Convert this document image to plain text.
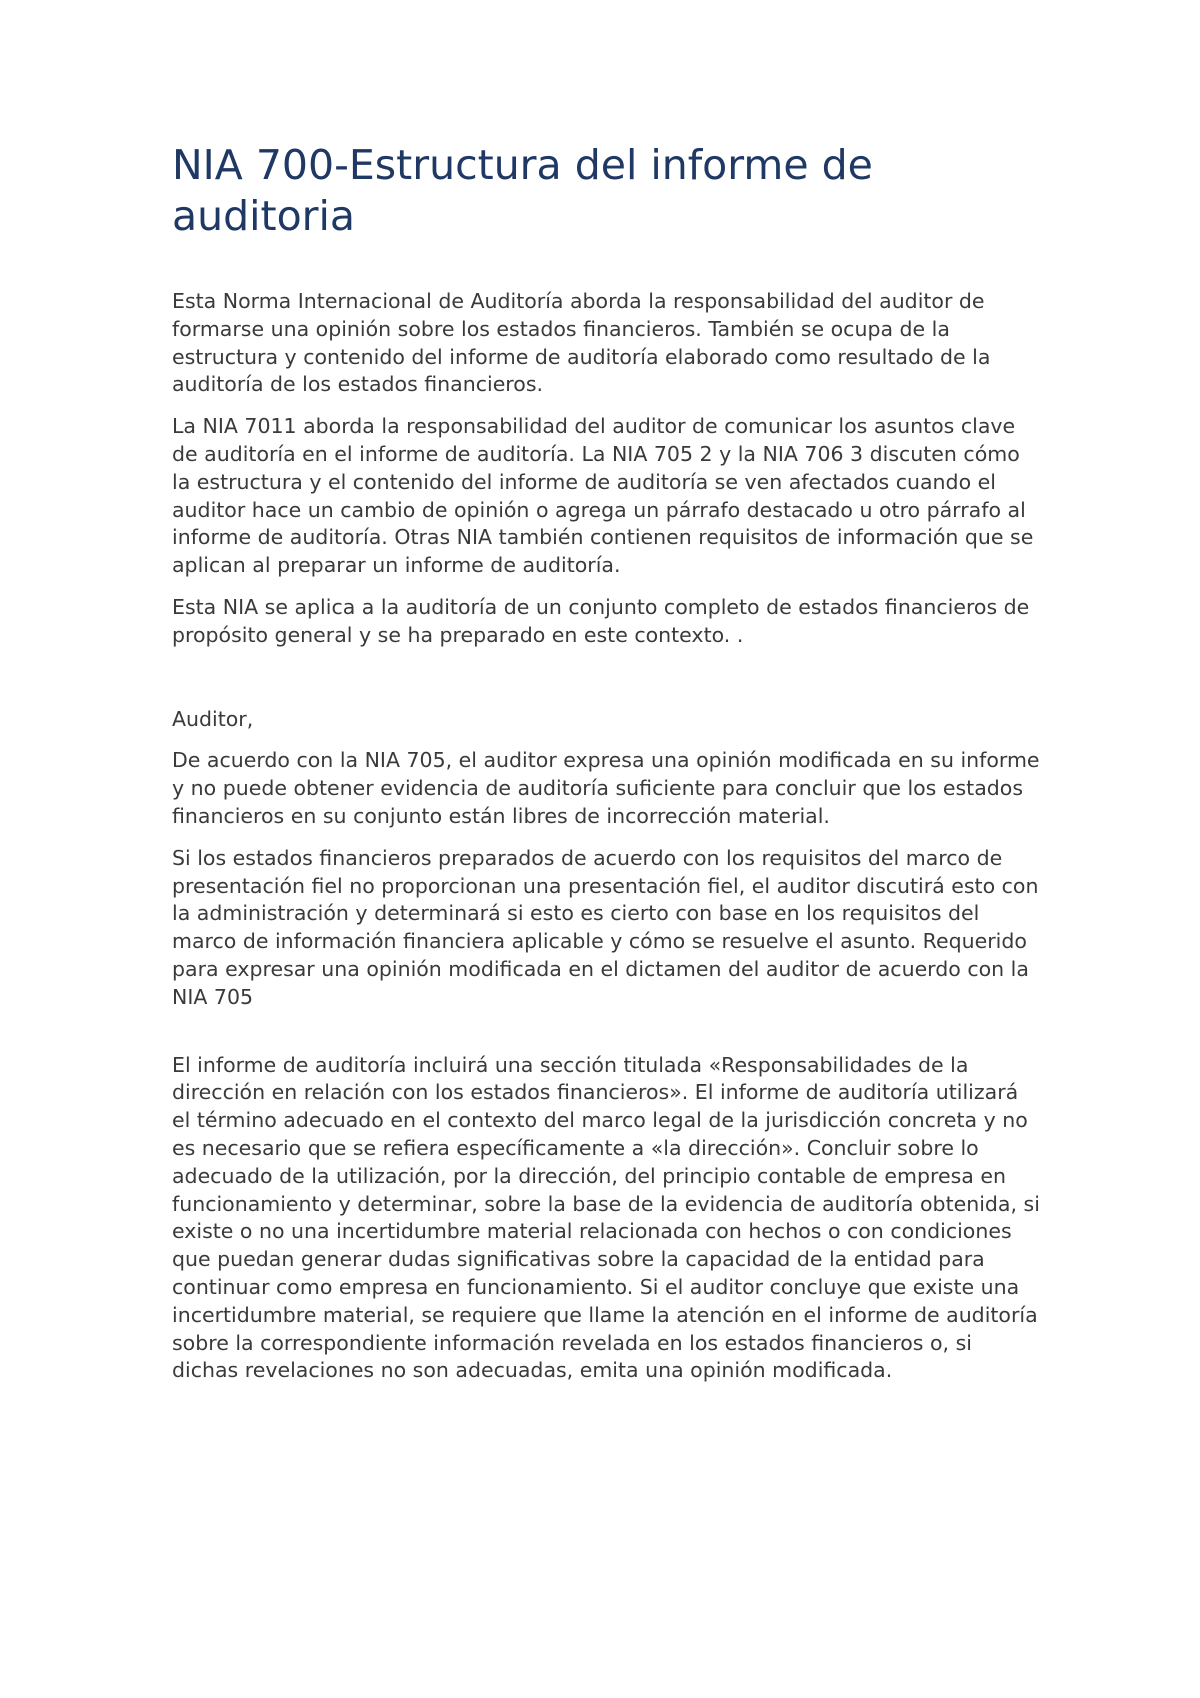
NIA 700-Estructura del informe de auditoria

Esta Norma Internacional de Auditoría aborda la responsabilidad del auditor de formarse una opinión sobre los estados financieros. También se ocupa de la estructura y contenido del informe de auditoría elaborado como resultado de la auditoría de los estados financieros.

La NIA 7011 aborda la responsabilidad del auditor de comunicar los asuntos clave de auditoría en el informe de auditoría. La NIA 705 2 y la NIA 706 3 discuten cómo la estructura y el contenido del informe de auditoría se ven afectados cuando el auditor hace un cambio de opinión o agrega un párrafo destacado u otro párrafo al informe de auditoría. Otras NIA también contienen requisitos de información que se aplican al preparar un informe de auditoría.

Esta NIA se aplica a la auditoría de un conjunto completo de estados financieros de propósito general y se ha preparado en este contexto. .

Auditor,

De acuerdo con la NIA 705, el auditor expresa una opinión modificada en su informe y no puede obtener evidencia de auditoría suficiente para concluir que los estados financieros en su conjunto están libres de incorrección material.

Si los estados financieros preparados de acuerdo con los requisitos del marco de presentación fiel no proporcionan una presentación fiel, el auditor discutirá esto con la administración y determinará si esto es cierto con base en los requisitos del marco de información financiera aplicable y cómo se resuelve el asunto. Requerido para expresar una opinión modificada en el dictamen del auditor de acuerdo con la NIA 705

El informe de auditoría incluirá una sección titulada «Responsabilidades de la dirección en relación con los estados financieros». El informe de auditoría utilizará el término adecuado en el contexto del marco legal de la jurisdicción concreta y no es necesario que se refiera específicamente a «la dirección». Concluir sobre lo adecuado de la utilización, por la dirección, del principio contable de empresa en funcionamiento y determinar, sobre la base de la evidencia de auditoría obtenida, si existe o no una incertidumbre material relacionada con hechos o con condiciones que puedan generar dudas significativas sobre la capacidad de la entidad para continuar como empresa en funcionamiento. Si el auditor concluye que existe una incertidumbre material, se requiere que llame la atención en el informe de auditoría sobre la correspondiente información revelada en los estados financieros o, si dichas revelaciones no son adecuadas, emita una opinión modificada.
